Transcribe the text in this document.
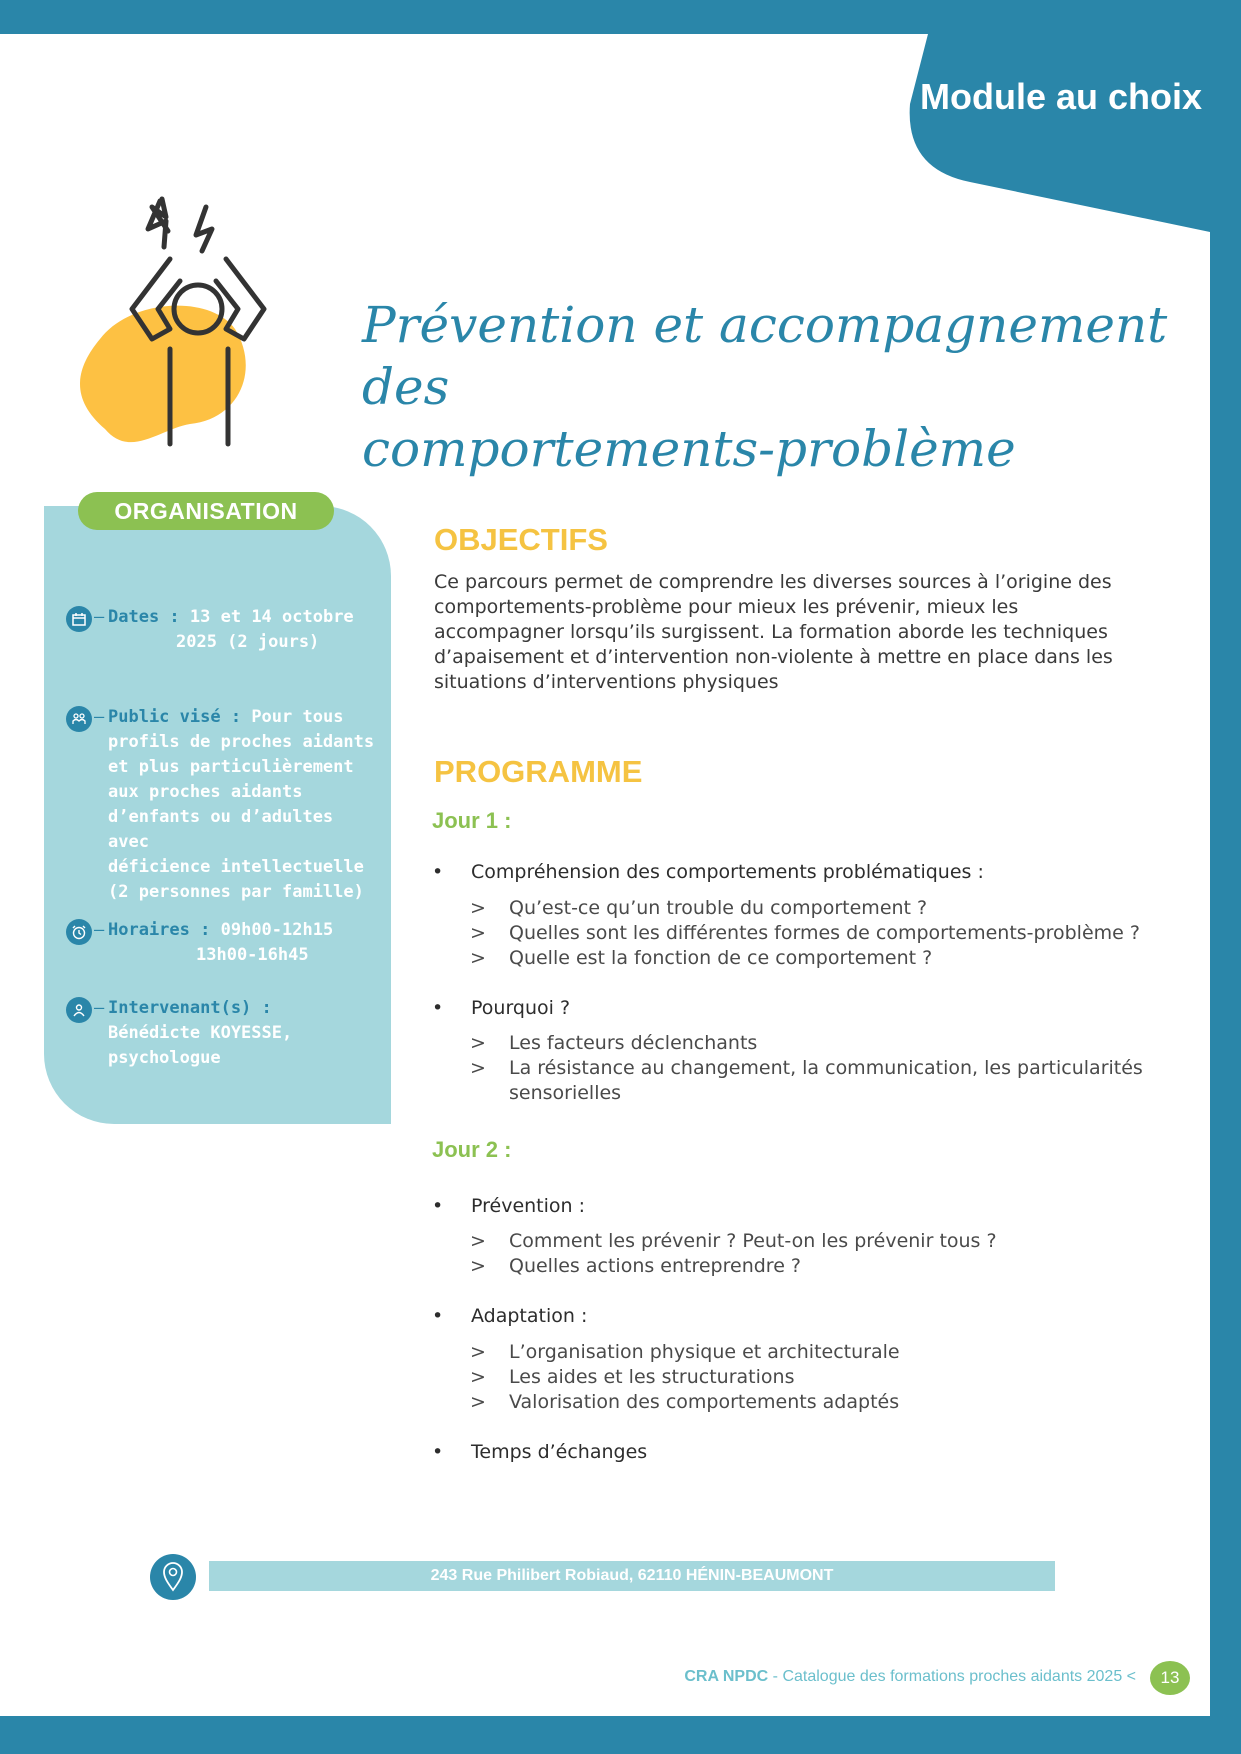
Module au choix
Prévention et accompagnement des
comportements-problème
ORGANISATION
– Dates : 13 et 14 octobre
2025 (2 jours)
– Public visé : Pour tous
profils de proches aidants
et plus particulièrement
aux proches aidants
d’enfants ou d’adultes avec
déficience intellectuelle
(2 personnes par famille)
– Horaires : 09h00-12h15
13h00-16h45
– Intervenant(s) :
Bénédicte KOYESSE,
psychologue
OBJECTIFS

Ce parcours permet de comprendre les diverses sources à l’origine des comportements-problème pour mieux les prévenir, mieux les accompagner lorsqu’ils surgissent. La formation aborde les techniques d’apaisement et d’intervention non-violente à mettre en place dans les situations d’interventions physiques

PROGRAMME
Jour 1 :
• Compréhension des comportements problématiques :
> Qu’est-ce qu’un trouble du comportement ?
> Quelles sont les différentes formes de comportements-problème ?
> Quelle est la fonction de ce comportement ?
• Pourquoi ?
> Les facteurs déclenchants
> La résistance au changement, la communication, les particularités sensorielles
Jour 2 :
• Prévention :
> Comment les prévenir ? Peut-on les prévenir tous ?
> Quelles actions entreprendre ?
• Adaptation :
> L’organisation physique et architecturale
> Les aides et les structurations
> Valorisation des comportements adaptés
• Temps d’échanges
243 Rue Philibert Robiaud, 62110 HÉNIN-BEAUMONT
CRA NPDC - Catalogue des formations proches aidants 2025 <	13
